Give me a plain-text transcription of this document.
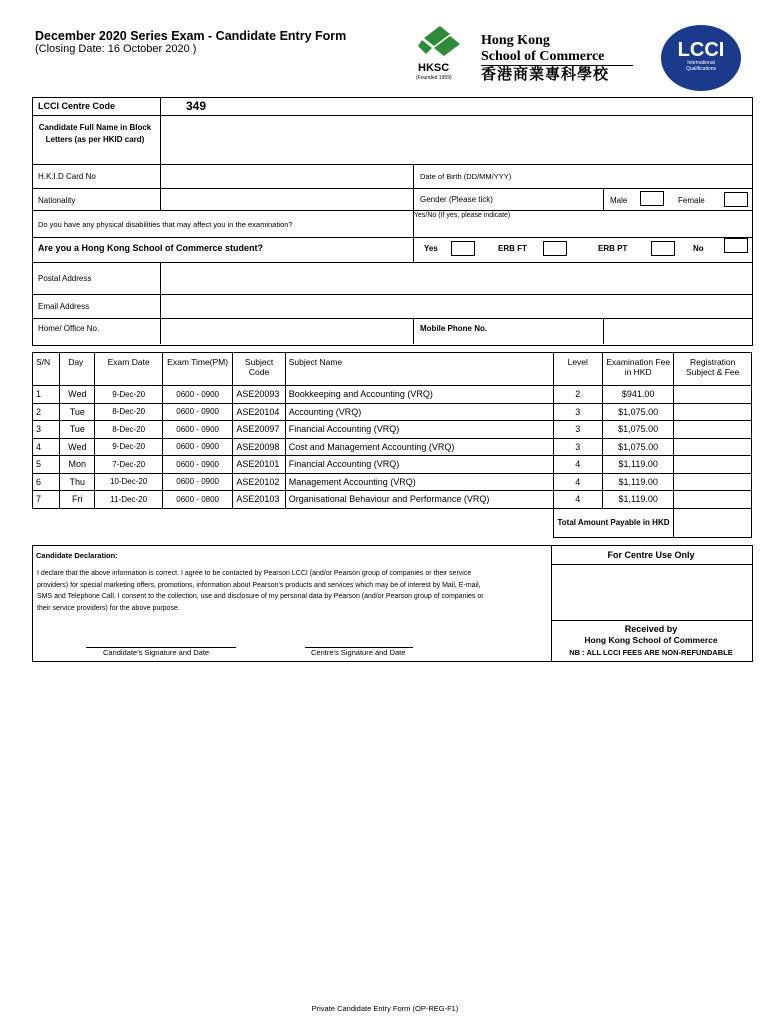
December 2020 Series Exam - Candidate Entry Form
(Closing Date: 16 October 2020 )
HKSC
(Founded 1959)
Hong Kong
School of Commerce
香港商業專科學校
LCCI
International
Qualifications
LCCI Centre Code	349
Candidate Full Name in Block Letters (as per HKID card)
H.K.I.D Card No	Date of Birth (DD/MM/YYY)
Nationality	Gender (Please tick)	Male	Female
Do you have any physical disabilities that may affect you in the examination?
Yes/No (If yes, please indicate)
Are you a Hong Kong School of Commerce student?	Yes	ERB FT	ERB PT	No
Postal Address
Email Address
Home/ Office No.	Mobile Phone No.
S/N	Day	Exam Date	Exam Time(PM)	Subject Code	Subject Name	Level	Examination Fee in HKD	Registration Subject & Fee
1	Wed	9-Dec-20	0600 - 0900	ASE20093	Bookkeeping and Accounting (VRQ)	2	$941.00	
2	Tue	8-Dec-20	0600 - 0900	ASE20104	Accounting (VRQ)	3	$1,075.00	
3	Tue	8-Dec-20	0600 - 0900	ASE20097	Financial Accounting (VRQ)	3	$1,075.00	
4	Wed	9-Dec-20	0600 - 0900	ASE20098	Cost and Management Accounting (VRQ)	3	$1,075.00	
5	Mon	7-Dec-20	0600 - 0900	ASE20101	Financial Accounting (VRQ)	4	$1,119.00	
6	Thu	10-Dec-20	0600 - 0900	ASE20102	Management Accounting (VRQ)	4	$1,119.00	
7	Fri	11-Dec-20	0600 - 0800	ASE20103	Organisational Behaviour and Performance (VRQ)	4	$1,119.00	
						Total Amount Payable in HKD		
Candidate Declaration:
I declare that the above information is correct. I agree to be contacted by Pearson LCCI (and/or Pearson group of companies or their service providers) for special marketing offers, promotions, information about Pearson's products and services which may be of interest by Mail, E-mail, SMS and Telephone Call. I consent to the collection, use and disclosure of my personal data by Pearson (and/or Pearson group of companies or their service providers) for the above purpose.
Candidate's Signature and Date	Centre's Signature and Date
For Centre Use Only
Received by
Hong Kong School of Commerce
NB : ALL LCCI FEES ARE NON-REFUNDABLE
Private Candidate Entry Form (OP-REG-F1)
